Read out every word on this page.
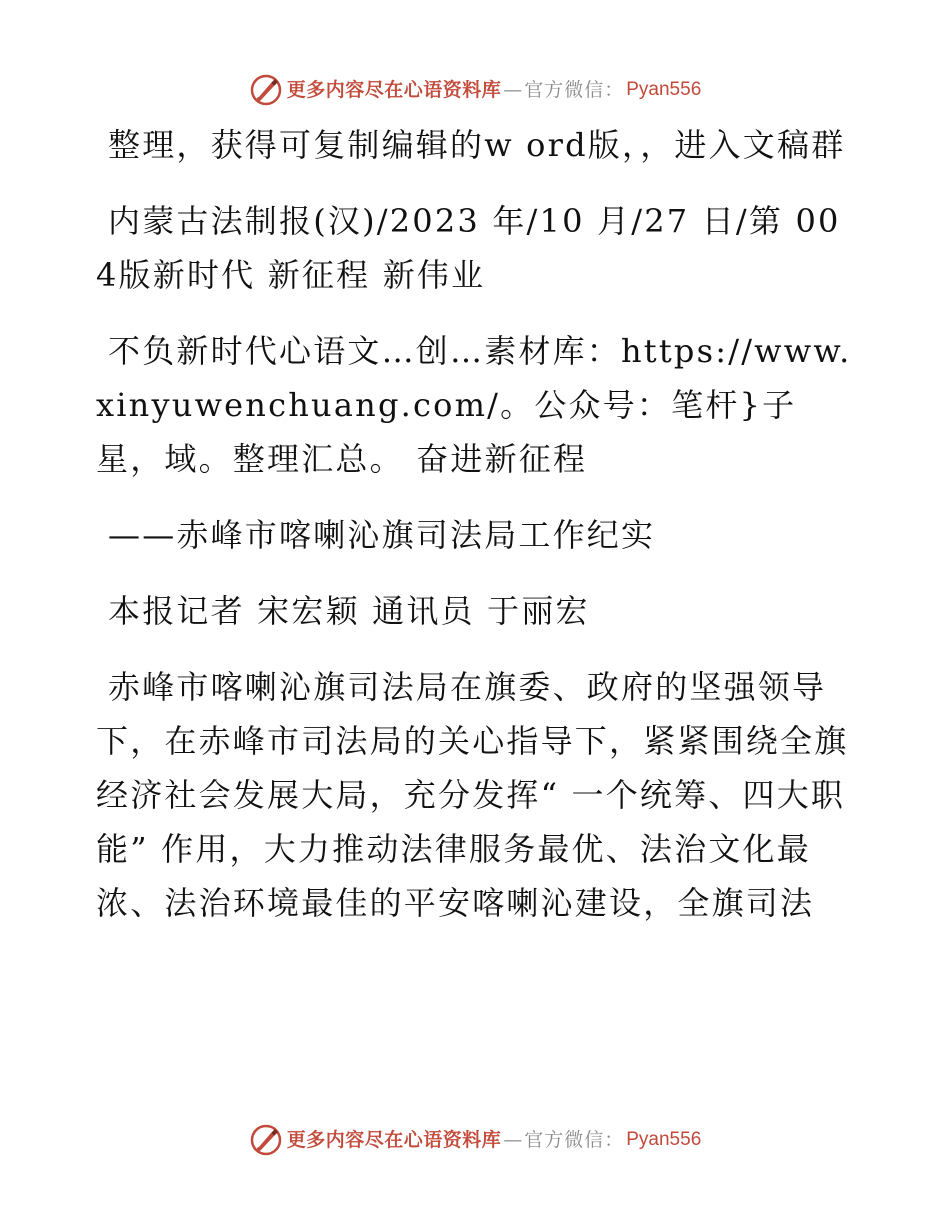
更多内容尽在心语资料库 — 官方微信： Pyan556

整理，获得可复制编辑的w ord版，，进入文稿群

内蒙古法制报(汉)/2023 年/10 月/27 日/第 004版新时代 新征程 新伟业

不负新时代心语文…创…素材库：https://www.xinyuwenchuang.com/。公众号：笔杆}子星，域。整理汇总。 奋进新征程

——赤峰市喀喇沁旗司法局工作纪实

本报记者 宋宏颖 通讯员 于丽宏

赤峰市喀喇沁旗司法局在旗委、政府的坚强领导下，在赤峰市司法局的关心指导下，紧紧围绕全旗经济社会发展大局，充分发挥“ 一个统筹、四大职能” 作用，大力推动法律服务最优、法治文化最浓、法治环境最佳的平安喀喇沁建设，全旗司法

更多内容尽在心语资料库 — 官方微信： Pyan556
